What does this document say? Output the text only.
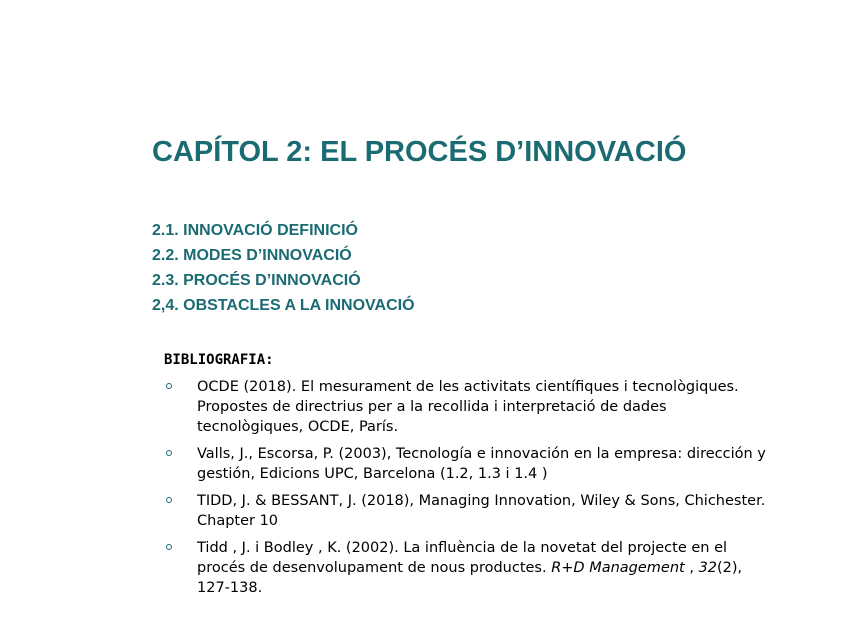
CAPÍTOL 2: EL PROCÉS D’INNOVACIÓ
2.1. INNOVACIÓ DEFINICIÓ
2.2. MODES D’INNOVACIÓ
2.3. PROCÉS D’INNOVACIÓ
2,4. OBSTACLES A LA INNOVACIÓ
BIBLIOGRAFIA:
OCDE (2018). El mesurament de les activitats científiques i tecnològiques. Propostes de directrius per a la recollida i interpretació de dades tecnològiques, OCDE, París.
Valls, J., Escorsa, P. (2003), Tecnología e innovación en la empresa: dirección y gestión, Edicions UPC, Barcelona (1.2, 1.3 i 1.4 )
TIDD, J. & BESSANT, J. (2018), Managing Innovation, Wiley & Sons, Chichester. Chapter 10
Tidd , J. i Bodley , K. (2002). La influència de la novetat del projecte en el procés de desenvolupament de nous productes. R+D Management , 32(2), 127-138.
